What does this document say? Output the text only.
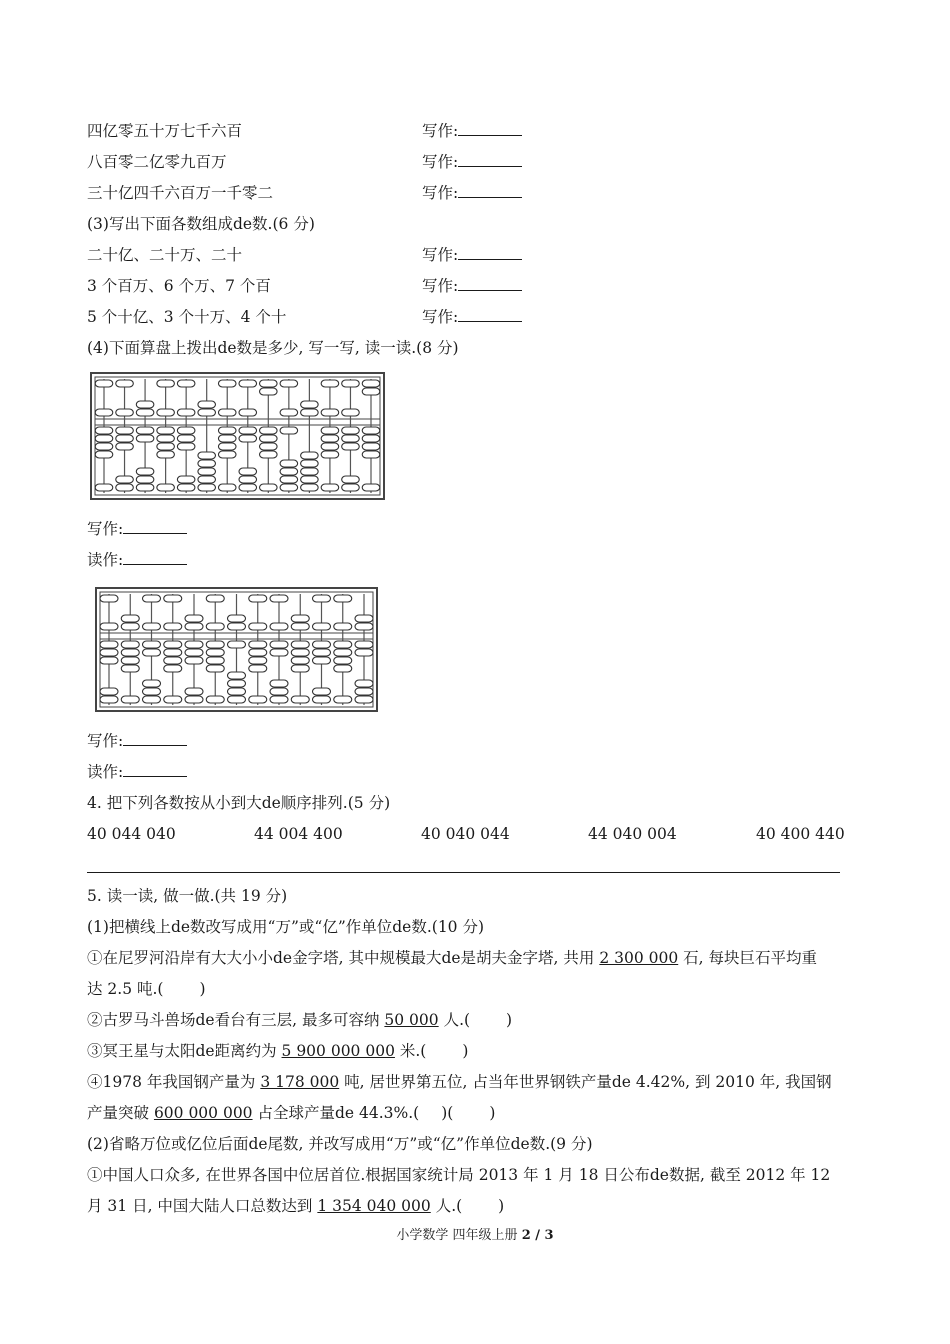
四亿零五十万七千六百	写作:
八百零二亿零九百万	写作:
三十亿四千六百万一千零二	写作:
(3)写出下面各数组成de数.(6 分)
二十亿、二十万、二十	写作:
3 个百万、6 个万、7 个百	写作:
5 个十亿、3 个十万、4 个十	写作:
(4)下面算盘上拨出de数是多少, 写一写, 读一读.(8 分)
写作:
读作:
写作:
读作:
4. 把下列各数按从小到大de顺序排列.(5 分)
40 044 040	44 004 400	40 040 044	44 040 004	40 400 440
5. 读一读, 做一做.(共 19 分)
(1)把横线上de数改写成用“万”或“亿”作单位de数.(10 分)
①在尼罗河沿岸有大大小小de金字塔, 其中规模最大de是胡夫金字塔, 共用 2 300 000 石, 每块巨石平均重
达 2.5 吨.( )
②古罗马斗兽场de看台有三层, 最多可容纳 50 000 人.( )
③冥王星与太阳de距离约为 5 900 000 000 米.( )
④1978 年我国钢产量为 3 178 000 吨, 居世界第五位, 占当年世界钢铁产量de 4.42%, 到 2010 年, 我国钢
产量突破 600 000 000 占全球产量de 44.3%.( )( )
(2)省略万位或亿位后面de尾数, 并改写成用“万”或“亿”作单位de数.(9 分)
①中国人口众多, 在世界各国中位居首位.根据国家统计局 2013 年 1 月 18 日公布de数据, 截至 2012 年 12
月 31 日, 中国大陆人口总数达到 1 354 040 000 人.( )
小学数学 四年级上册 2 / 3
